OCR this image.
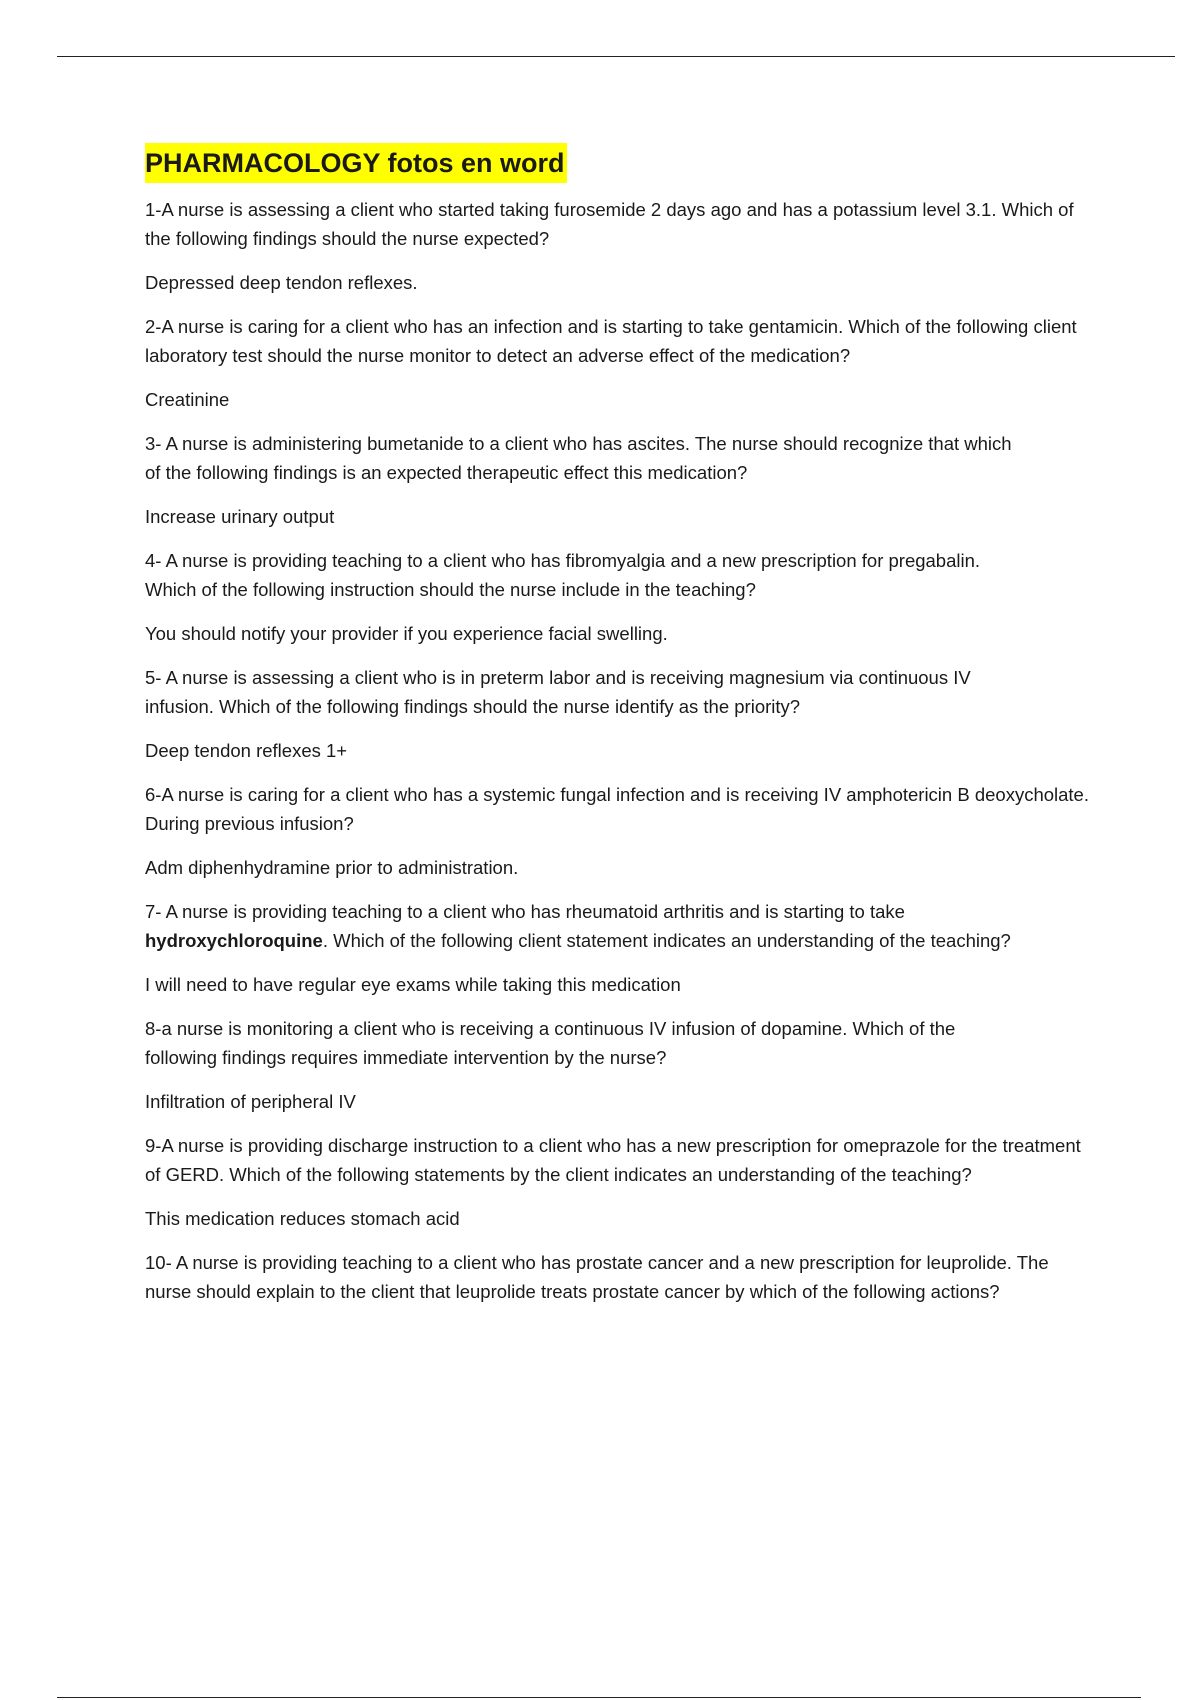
PHARMACOLOGY fotos en word

1-A nurse is assessing a client who started taking furosemide 2 days ago and has a potassium level 3.1. Which of the following findings should the nurse expected?

Depressed deep tendon reflexes.

2-A nurse is caring for a client who has an infection and is starting to take gentamicin. Which of the following client laboratory test should the nurse monitor to detect an adverse effect of the medication?

Creatinine

3- A nurse is administering bumetanide to a client who has ascites. The nurse should recognize that which of the following findings is an expected therapeutic effect this medication?

Increase urinary output

4- A nurse is providing teaching to a client who has fibromyalgia and a new prescription for pregabalin. Which of the following instruction should the nurse include in the teaching?

You should notify your provider if you experience facial swelling.

5- A nurse is assessing a client who is in preterm labor and is receiving magnesium via continuous IV infusion. Which of the following findings should the nurse identify as the priority?

Deep tendon reflexes 1+

6-A nurse is caring for a client who has a systemic fungal infection and is receiving IV amphotericin B deoxycholate. During previous infusion?

Adm diphenhydramine prior to administration.

7- A nurse is providing teaching to a client who has rheumatoid arthritis and is starting to take hydroxychloroquine. Which of the following client statement indicates an understanding of the teaching?

I will need to have regular eye exams while taking this medication

8-a nurse is monitoring a client who is receiving a continuous IV infusion of dopamine. Which of the following findings requires immediate intervention by the nurse?

Infiltration of peripheral IV

9-A nurse is providing discharge instruction to a client who has a new prescription for omeprazole for the treatment of GERD. Which of the following statements by the client indicates an understanding of the teaching?

This medication reduces stomach acid

10- A nurse is providing teaching to a client who has prostate cancer and a new prescription for leuprolide. The nurse should explain to the client that leuprolide treats prostate cancer by which of the following actions?
